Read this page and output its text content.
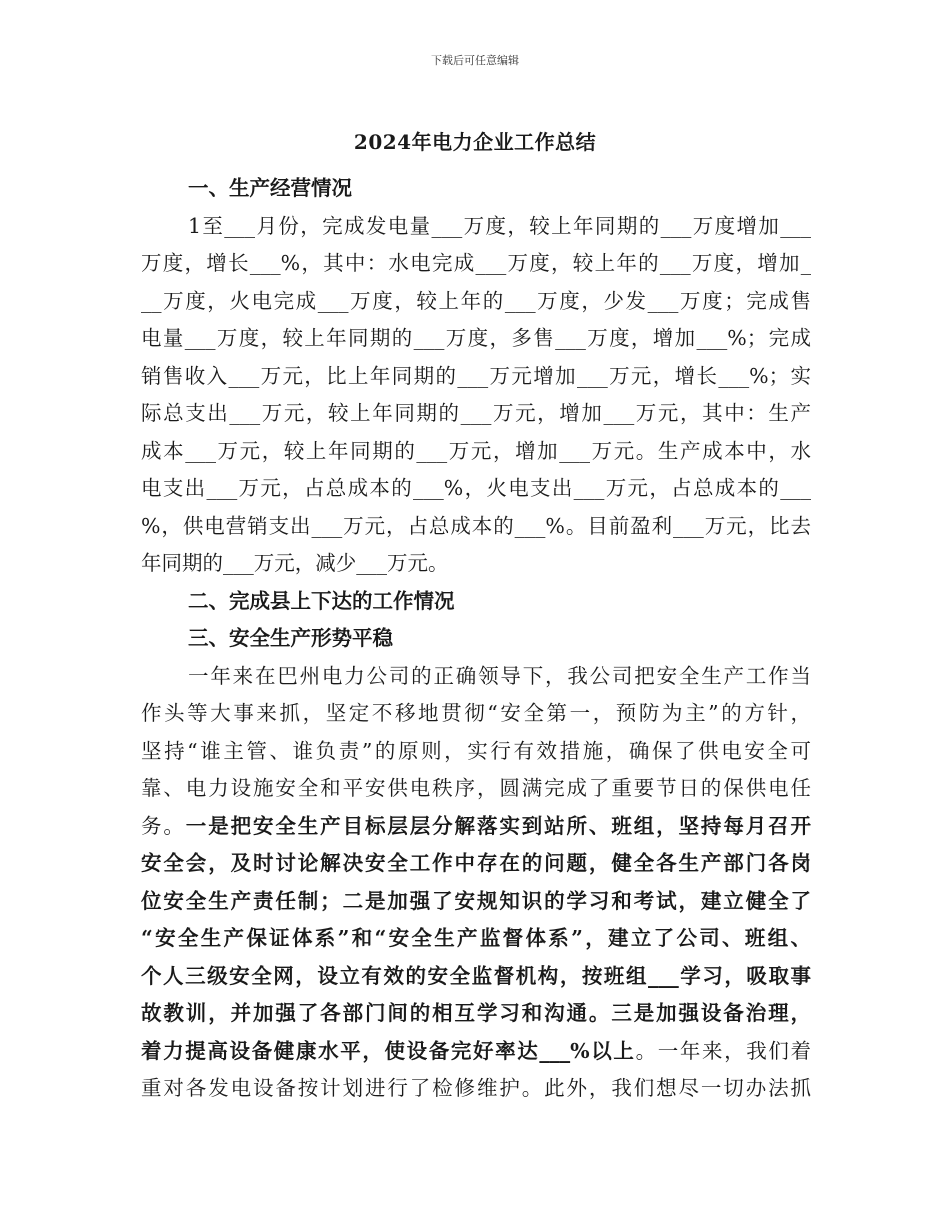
下载后可任意编辑
2024年电力企业工作总结
一、生产经营情况
1至___月份，完成发电量___万度，较上年同期的___万度增加___
万度，增长___%，其中：水电完成___万度，较上年的___万度，增加_
__万度，火电完成___万度，较上年的___万度，少发___万度；完成售
电量___万度，较上年同期的___万度，多售___万度，增加___%；完成
销售收入___万元，比上年同期的___万元增加___万元，增长___%；实
际总支出___万元，较上年同期的___万元，增加___万元，其中：生产
成本___万元，较上年同期的___万元，增加___万元。生产成本中，水
电支出___万元，占总成本的___%，火电支出___万元，占总成本的___
%，供电营销支出___万元，占总成本的___%。目前盈利___万元，比去
年同期的___万元，减少___万元。
二、完成县上下达的工作情况
三、安全生产形势平稳
一年来在巴州电力公司的正确领导下，我公司把安全生产工作当
作头等大事来抓，坚定不移地贯彻“安全第一，预防为主”的方针，
坚持“谁主管、谁负责”的原则，实行有效措施，确保了供电安全可
靠、电力设施安全和平安供电秩序，圆满完成了重要节日的保供电任
务。一是把安全生产目标层层分解落实到站所、班组，坚持每月召开
安全会，及时讨论解决安全工作中存在的问题，健全各生产部门各岗
位安全生产责任制；二是加强了安规知识的学习和考试，建立健全了
“安全生产保证体系”和“安全生产监督体系”，建立了公司、班组、
个人三级安全网，设立有效的安全监督机构，按班组___学习，吸取事
故教训，并加强了各部门间的相互学习和沟通。三是加强设备治理，
着力提高设备健康水平，使设备完好率达___%以上。一年来，我们着
重对各发电设备按计划进行了检修维护。此外，我们想尽一切办法抓
